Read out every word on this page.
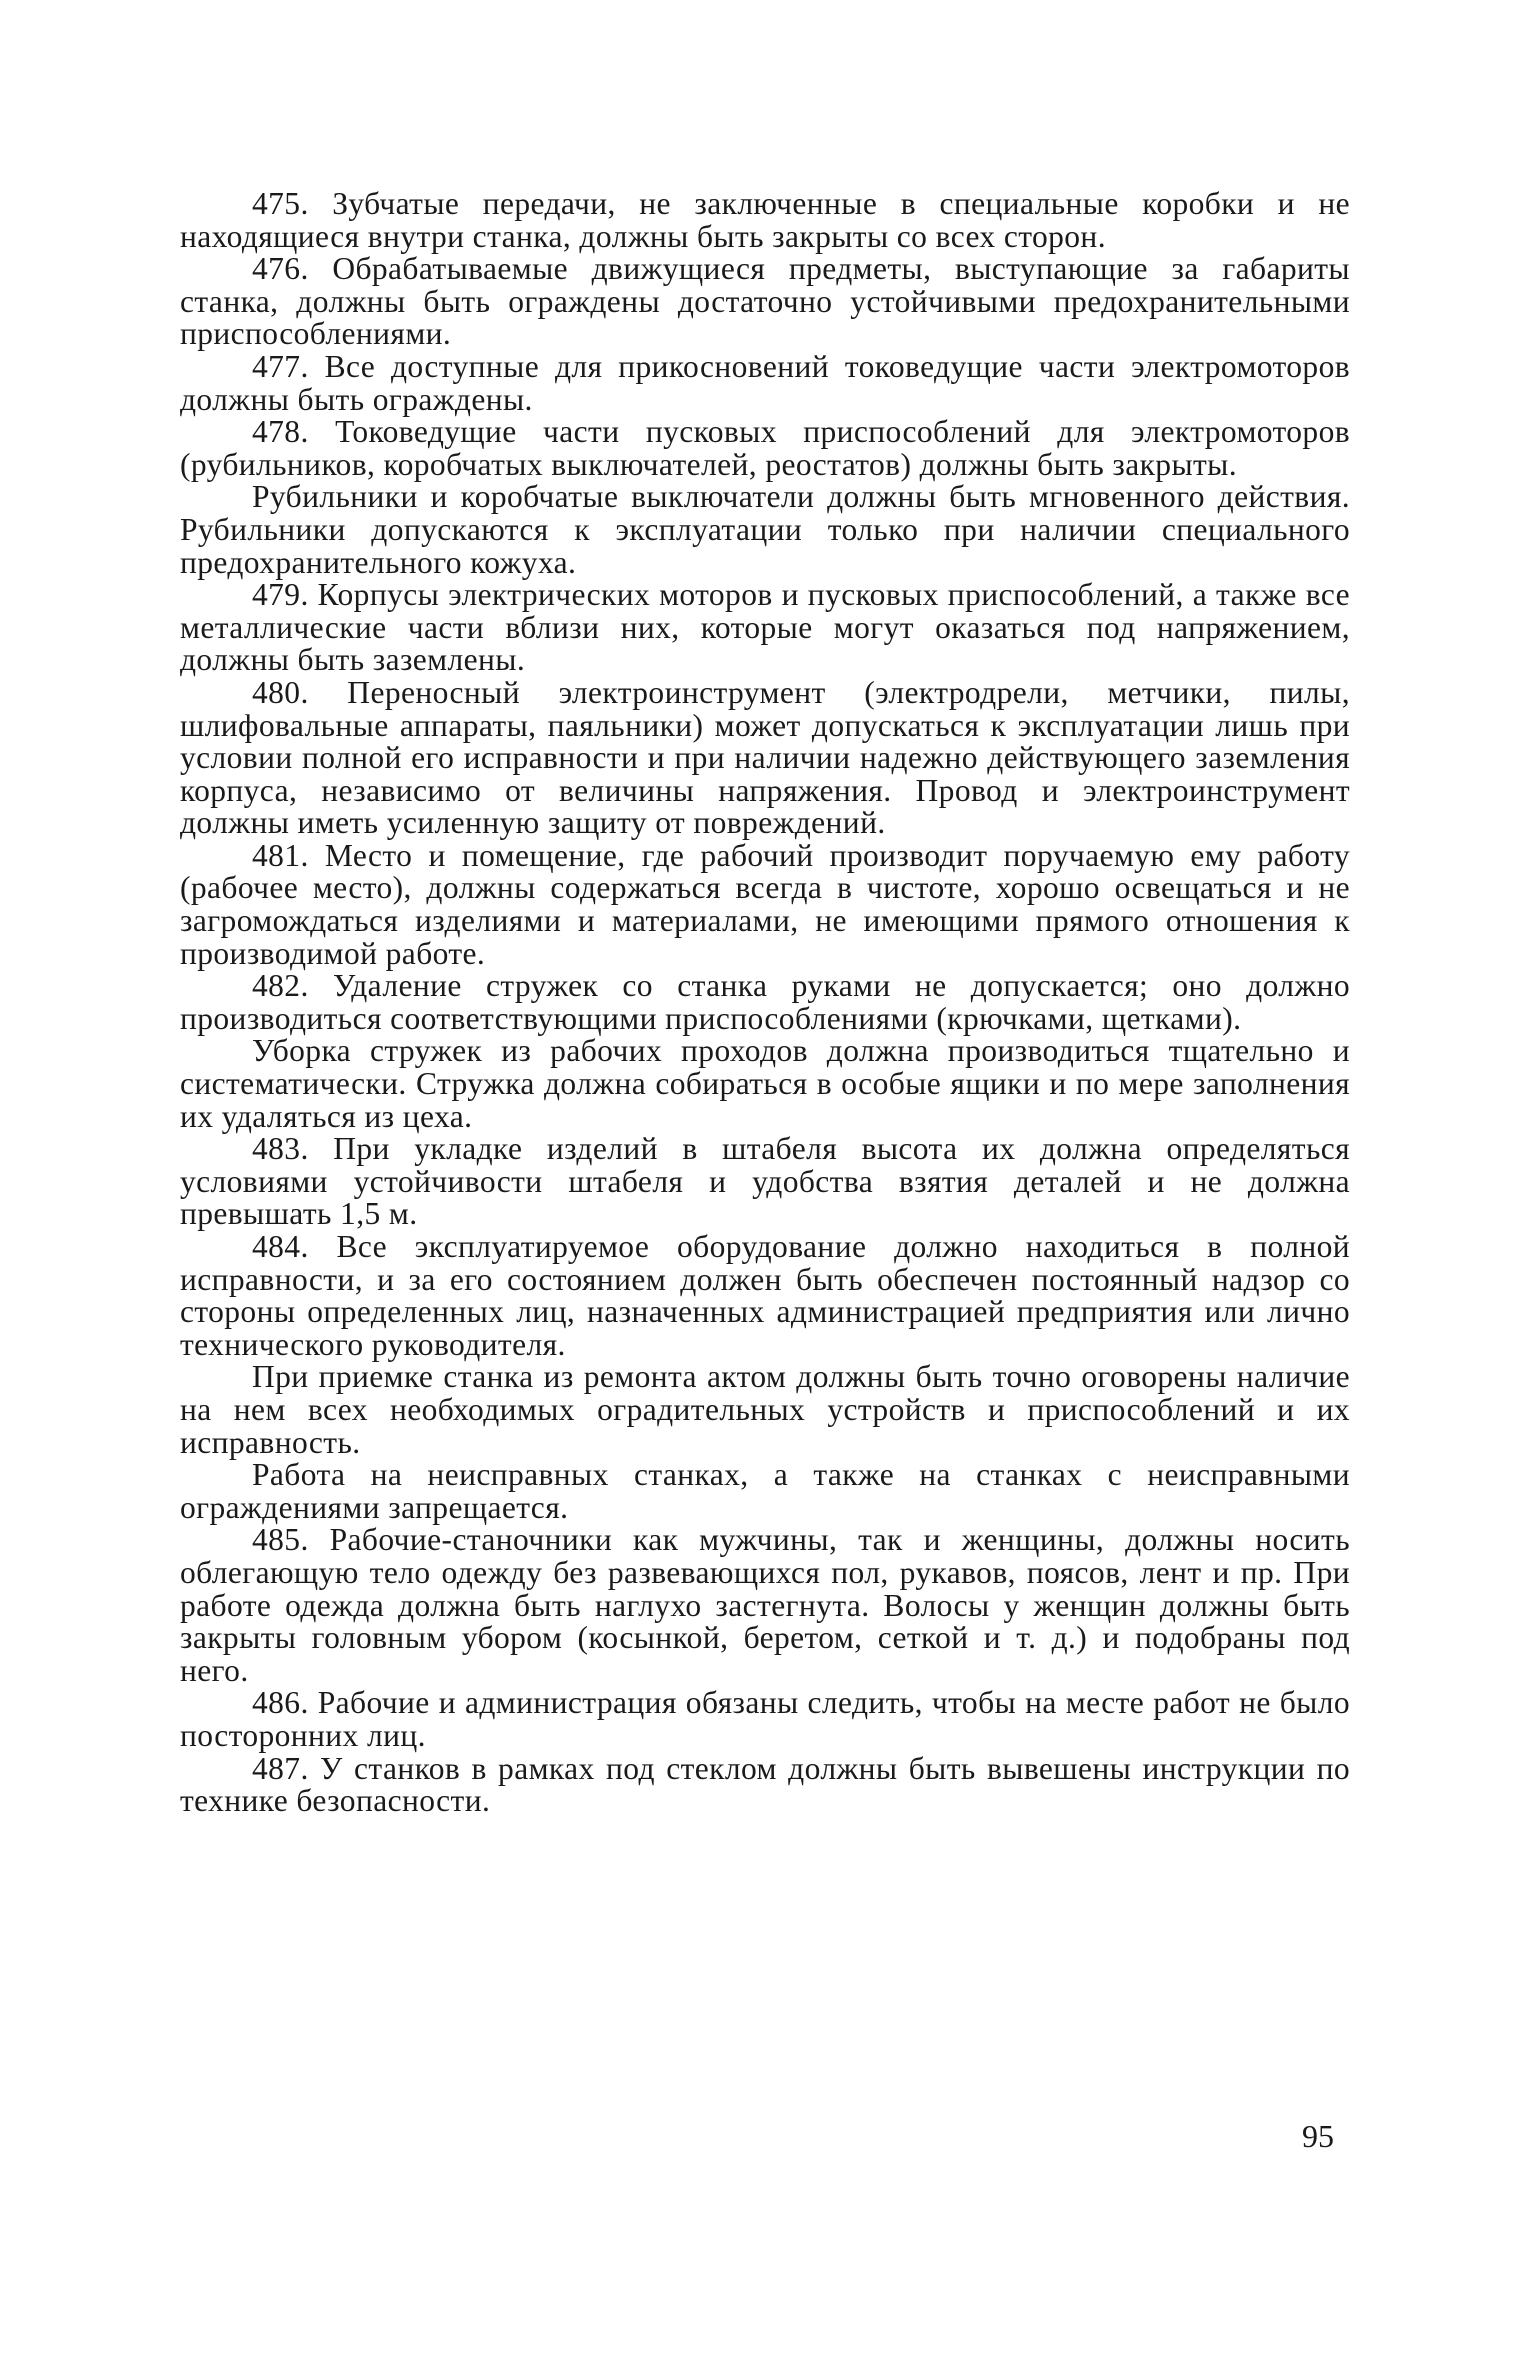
475. Зубчатые передачи, не заключенные в специальные коробки и не находящиеся внутри станка, должны быть закрыты со всех сторон.

476. Обрабатываемые движущиеся предметы, выступающие за габариты станка, должны быть ограждены достаточно устойчивыми предохранительными приспособлениями.

477. Все доступные для прикосновений токоведущие части электромоторов должны быть ограждены.

478. Токоведущие части пусковых приспособлений для электромоторов (рубильников, коробчатых выключателей, реостатов) должны быть закрыты.

Рубильники и коробчатые выключатели должны быть мгновенного действия. Рубильники допускаются к эксплуатации только при наличии специального предохранительного кожуха.

479. Корпусы электрических моторов и пусковых приспособлений, а также все металлические части вблизи них, которые могут оказаться под напряжением, должны быть заземлены.

480. Переносный электроинструмент (электродрели, метчики, пилы, шлифовальные аппараты, паяльники) может допускаться к эксплуатации лишь при условии полной его исправности и при наличии надежно действующего заземления корпуса, независимо от величины напряжения. Провод и электроинструмент должны иметь усиленную защиту от повреждений.

481. Место и помещение, где рабочий производит поручаемую ему работу (рабочее место), должны содержаться всегда в чистоте, хорошо освещаться и не загромождаться изделиями и материалами, не имеющими прямого отношения к производимой работе.

482. Удаление стружек со станка руками не допускается; оно должно производиться соответствующими приспособлениями (крючками, щетками).

Уборка стружек из рабочих проходов должна производиться тщательно и систематически. Стружка должна собираться в особые ящики и по мере заполнения их удаляться из цеха.

483. При укладке изделий в штабеля высота их должна определяться условиями устойчивости штабеля и удобства взятия деталей и не должна превышать 1,5 м.

484. Все эксплуатируемое оборудование должно находиться в полной исправности, и за его состоянием должен быть обеспечен постоянный надзор со стороны определенных лиц, назначенных администрацией предприятия или лично технического руководителя.

При приемке станка из ремонта актом должны быть точно оговорены наличие на нем всех необходимых оградительных устройств и приспособлений и их исправность.

Работа на неисправных станках, а также на станках с неисправными ограждениями запрещается.

485. Рабочие-станочники как мужчины, так и женщины, должны носить облегающую тело одежду без развевающихся пол, рукавов, поясов, лент и пр. При работе одежда должна быть наглухо застегнута. Волосы у женщин должны быть закрыты головным убором (косынкой, беретом, сеткой и т. д.) и подобраны под него.

486. Рабочие и администрация обязаны следить, чтобы на месте работ не было посторонних лиц.

487. У станков в рамках под стеклом должны быть вывешены инструкции по технике безопасности.

95
